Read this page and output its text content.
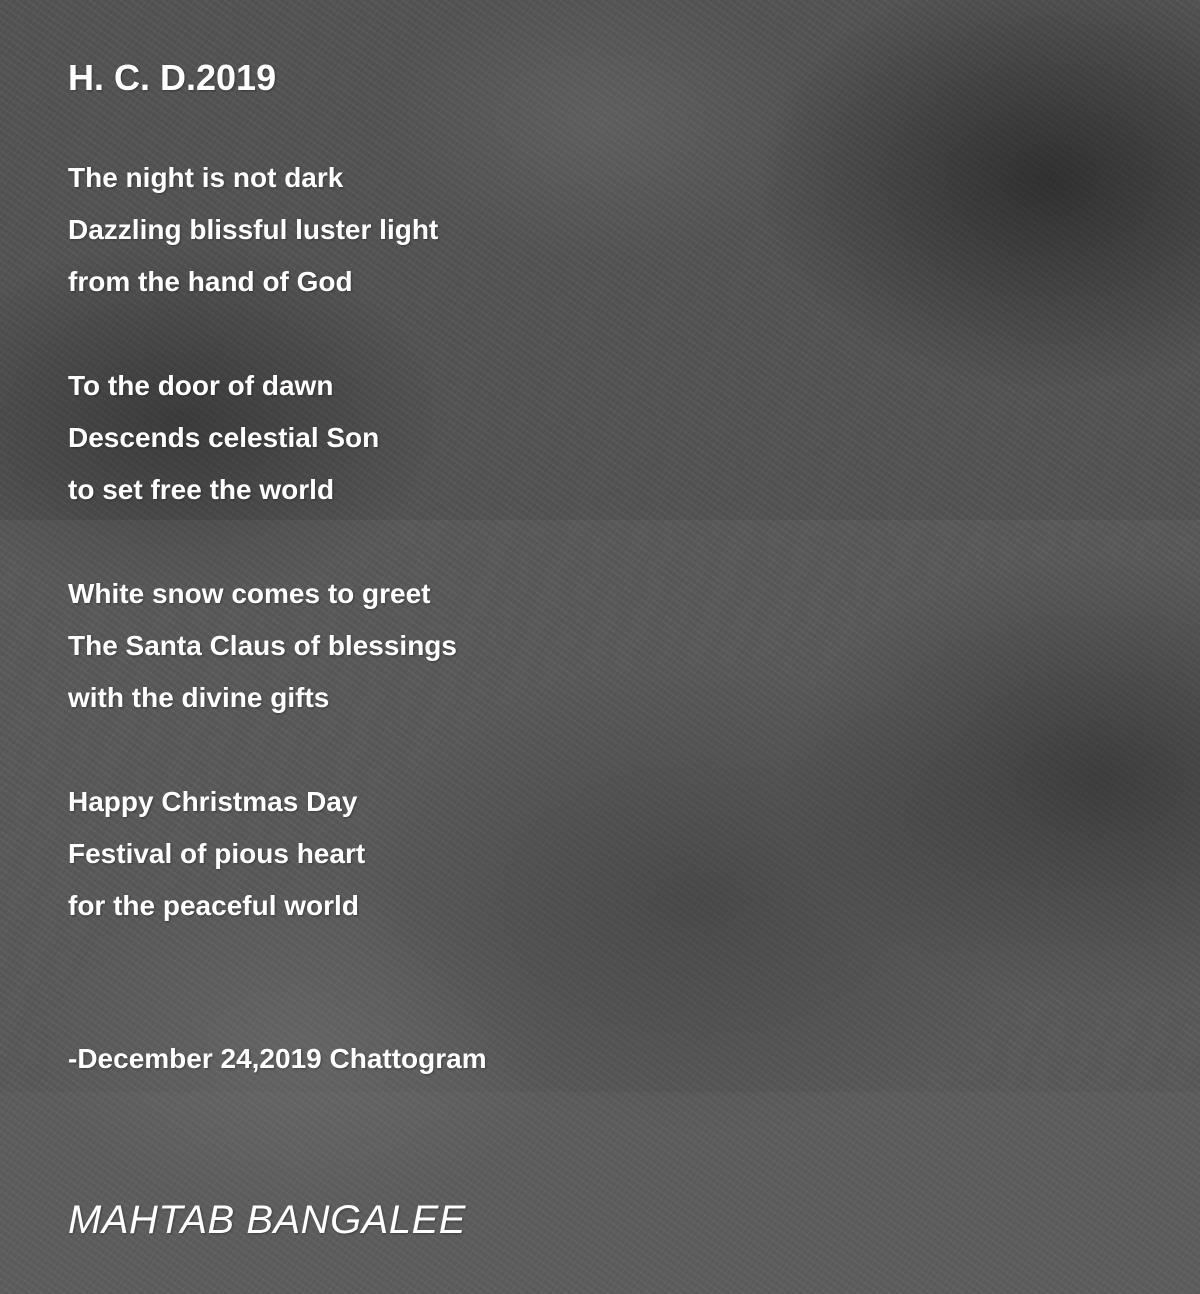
H. C. D.2019
The night is not dark
Dazzling blissful luster light
from the hand of God
To the door of dawn
Descends celestial Son
to set free the world
White snow comes to greet
The Santa Claus of blessings
with the divine gifts
Happy Christmas Day
Festival of pious heart
for the peaceful world
-December 24,2019 Chattogram
MAHTAB BANGALEE
